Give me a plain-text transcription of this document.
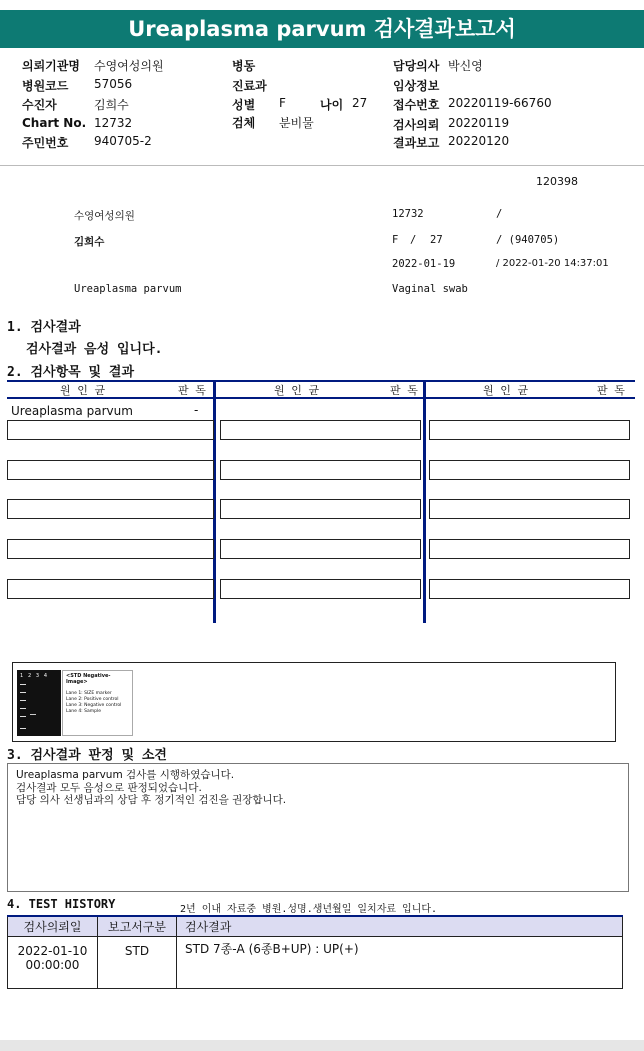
Ureaplasma parvum 검사결과보고서
의뢰기관명 수영여성의원
병원코드 57056
수진자	김희수
Chart No. 12732
주민번호 940705-2
병동
진료과
성별 F	나이 27
검체 분비물
담당의사 박신영
임상정보
접수번호 20220119-66760
검사의뢰 20220119
결과보고 20220120
120398
수영여성의원	12732	/
김희수	F / 27	/ (940705)
2022-01-19	/ 2022-01-20 14:37:01
Ureaplasma parvum	Vaginal swab
1. 검사결과
검사결과 음성 입니다.
2. 검사항목 및 결과
원 인 균	판 독	원 인 균	판 독	원 인 균	판 독
Ureaplasma parvum	-
1   2   3   4	<STD Negative-Image>
Lane 1: SIZE marker
Lane 2: Positive control
Lane 3: Negative control
Lane 4: Sample
3. 검사결과 판정 및 소견
Ureaplasma parvum 검사를 시행하였습니다.
검사결과 모두 음성으로 판정되었습니다.
담당 의사 선생님과의 상담 후 정기적인 검진을 권장합니다.
4. TEST HISTORY	2년 이내 자료중 병원.성명.생년월일 일치자료 입니다.
검사의뢰일	보고서구분	검사결과

2022-01-10
00:00:00	STD	STD 7종-A (6종B+UP) : UP(+)
